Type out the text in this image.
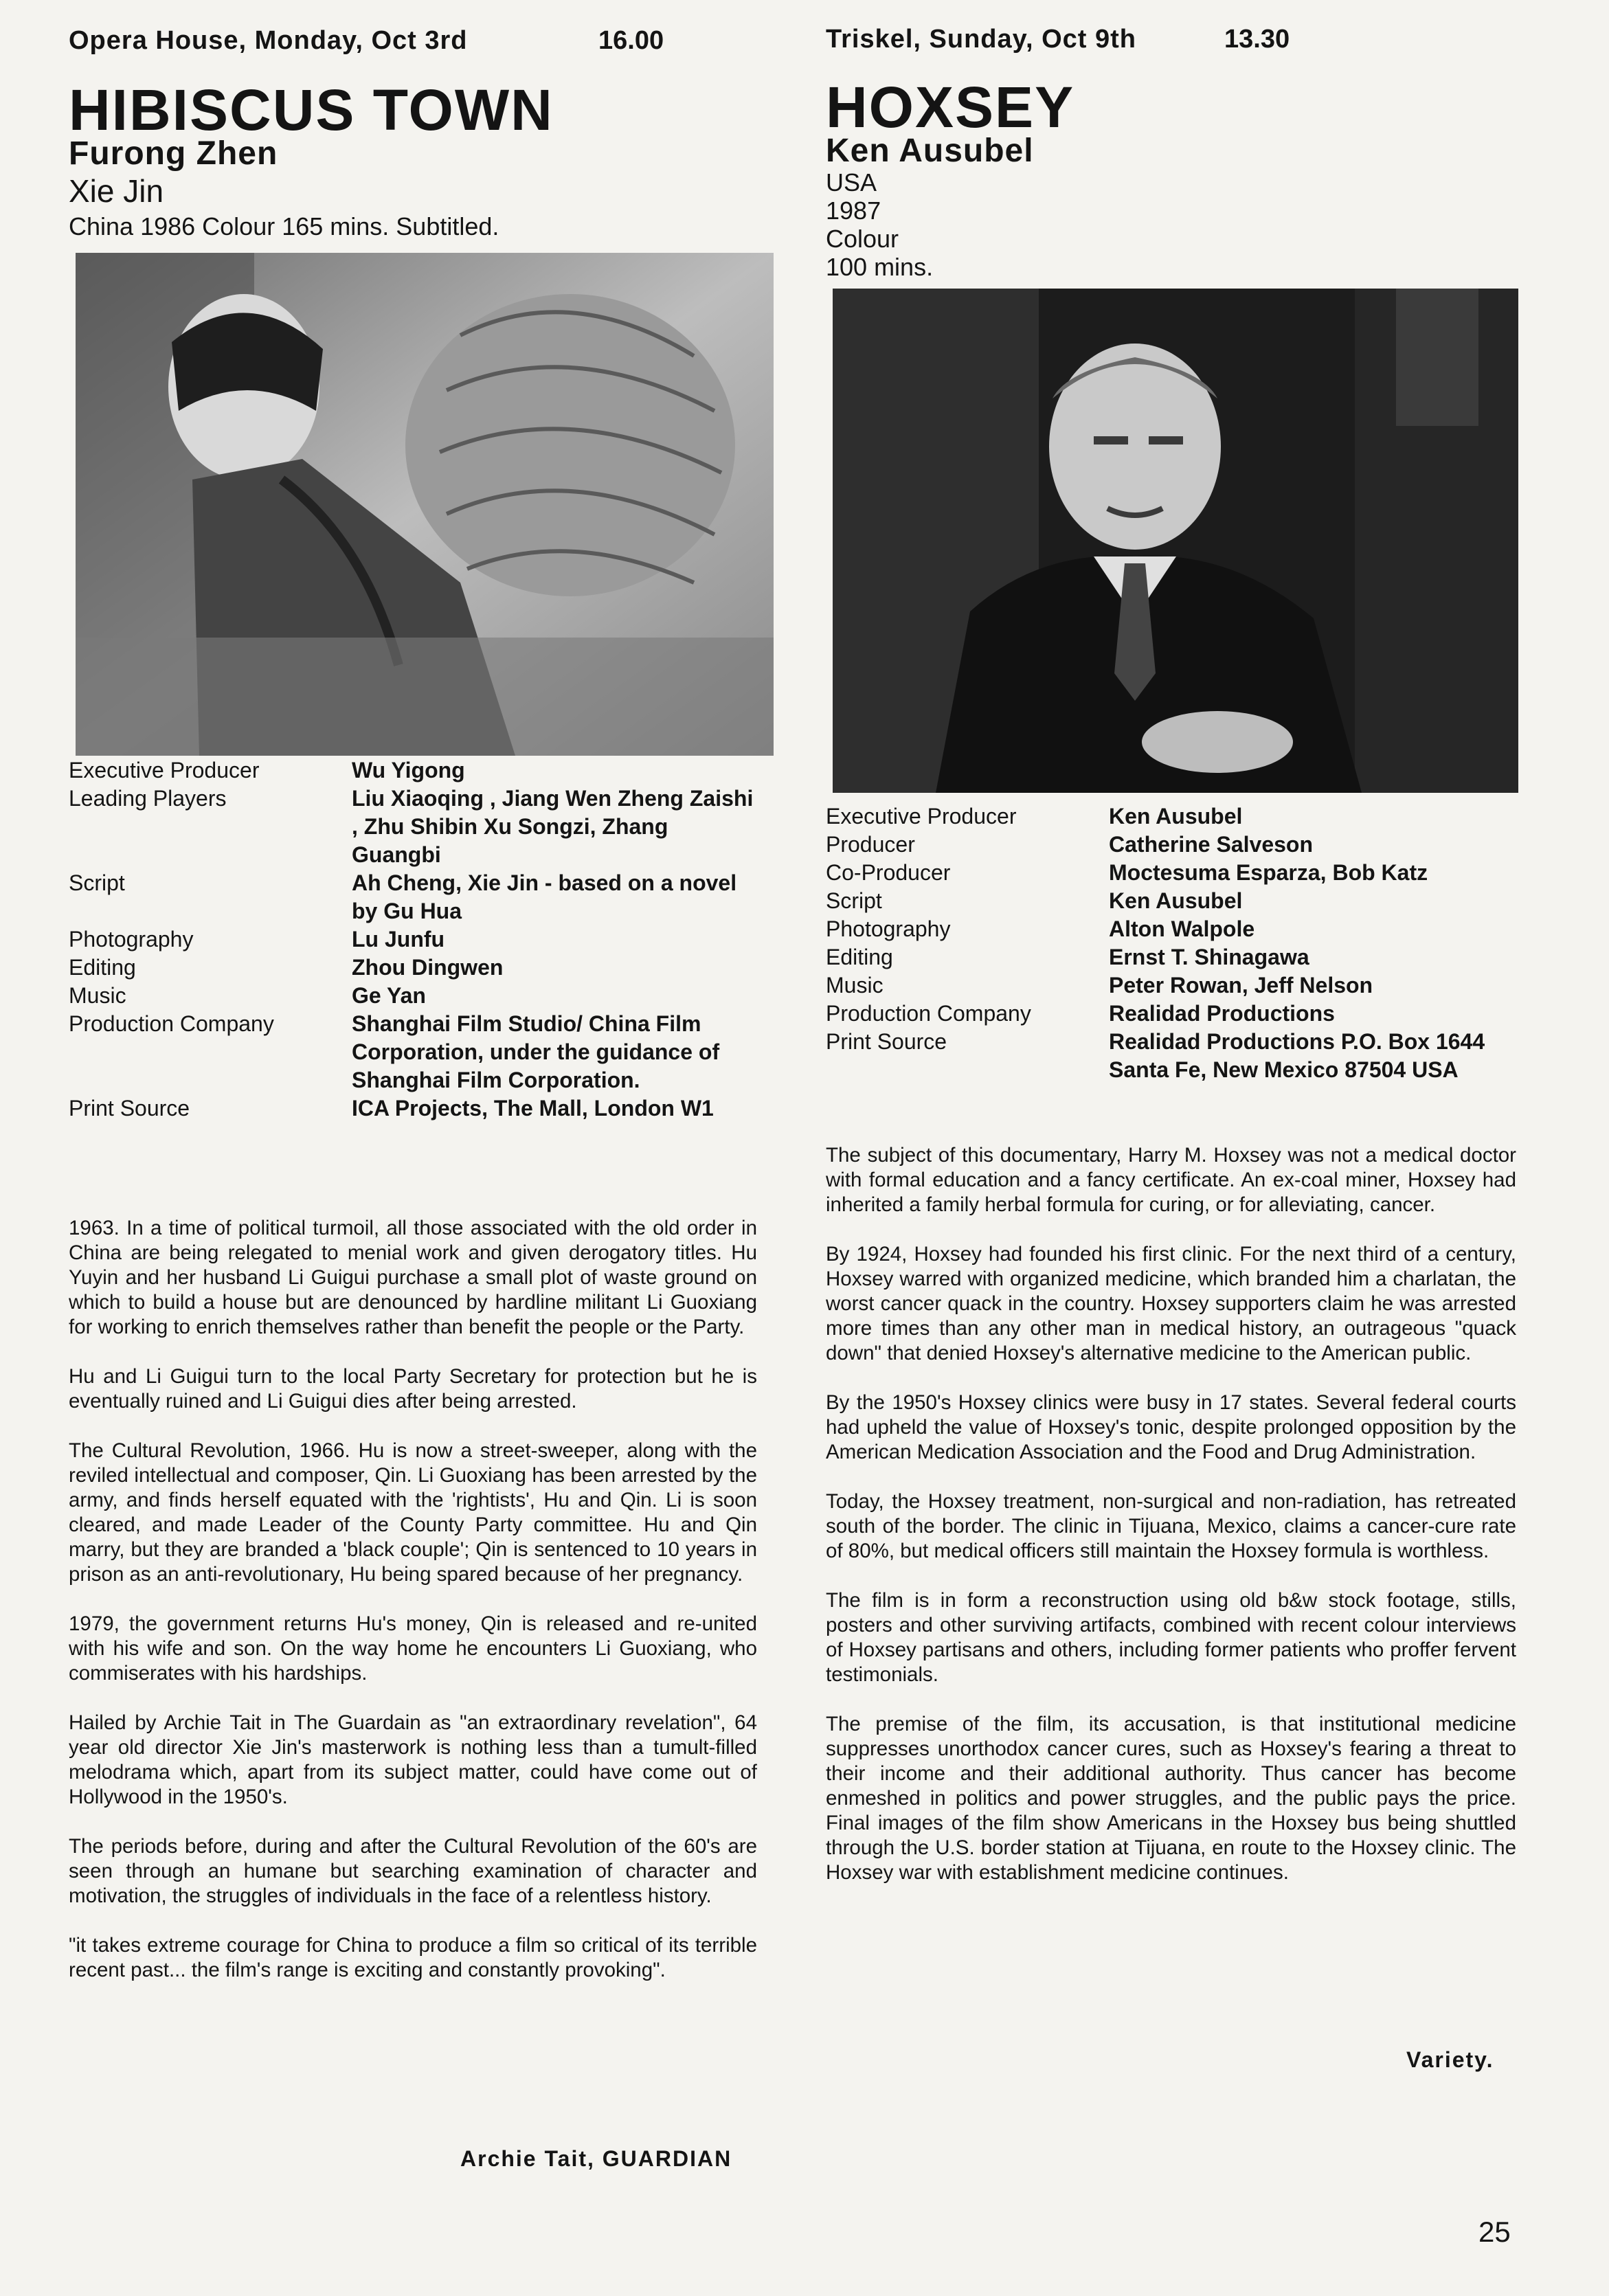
Opera House, Monday, Oct 3rd	16.00
HIBISCUS TOWN
Furong Zhen
Xie Jin
China 1986 Colour 165 mins. Subtitled.
Executive Producer	Wu Yigong
Leading Players	Liu Xiaoqing , Jiang Wen Zheng Zaishi , Zhu Shibin Xu Songzi, Zhang Guangbi
Script	Ah Cheng, Xie Jin - based on a novel by Gu Hua
Photography	Lu Junfu
Editing	Zhou Dingwen
Music	Ge Yan
Production Company	Shanghai Film Studio/ China Film Corporation, under the guidance of Shanghai Film Corporation.
Print Source	ICA Projects, The Mall, London W1

1963. In a time of political turmoil, all those associated with the old order in China are being relegated to menial work and given derogatory titles. Hu Yuyin and her husband Li Guigui purchase a small plot of waste ground on which to build a house but are denounced by hardline militant Li Guoxiang for working to enrich themselves rather than benefit the people or the Party.

Hu and Li Guigui turn to the local Party Secretary for protection but he is eventually ruined and Li Guigui dies after being arrested.

The Cultural Revolution, 1966. Hu is now a street-sweeper, along with the reviled intellectual and composer, Qin. Li Guoxiang has been arrested by the army, and finds herself equated with the 'rightists', Hu and Qin. Li is soon cleared, and made Leader of the County Party committee. Hu and Qin marry, but they are branded a 'black couple'; Qin is sentenced to 10 years in prison as an anti-revolutionary, Hu being spared because of her pregnancy.

1979, the government returns Hu's money, Qin is released and re-united with his wife and son. On the way home he encounters Li Guoxiang, who commiserates with his hardships.

Hailed by Archie Tait in The Guardain as "an extraordinary revelation", 64 year old director Xie Jin's masterwork is nothing less than a tumult-filled melodrama which, apart from its subject matter, could have come out of Hollywood in the 1950's.

The periods before, during and after the Cultural Revolution of the 60's are seen through an humane but searching examination of character and motivation, the struggles of individuals in the face of a relentless history.

"it takes extreme courage for China to produce a film so critical of its terrible recent past... the film's range is exciting and constantly provoking".

Archie Tait, GUARDIAN
Triskel, Sunday, Oct 9th	13.30
HOXSEY
Ken Ausubel
USA
1987
Colour
100 mins.
Executive Producer	Ken Ausubel
Producer	Catherine Salveson
Co-Producer	Moctesuma Esparza, Bob Katz
Script	Ken Ausubel
Photography	Alton Walpole
Editing	Ernst T. Shinagawa
Music	Peter Rowan, Jeff Nelson
Production Company	Realidad Productions
Print Source	Realidad Productions P.O. Box 1644 Santa Fe, New Mexico 87504 USA

The subject of this documentary, Harry M. Hoxsey was not a medical doctor with formal education and a fancy certificate. An ex-coal miner, Hoxsey had inherited a family herbal formula for curing, or for alleviating, cancer.

By 1924, Hoxsey had founded his first clinic. For the next third of a century, Hoxsey warred with organized medicine, which branded him a charlatan, the worst cancer quack in the country. Hoxsey supporters claim he was arrested more times than any other man in medical history, an outrageous "quack down" that denied Hoxsey's alternative medicine to the American public.

By the 1950's Hoxsey clinics were busy in 17 states. Several federal courts had upheld the value of Hoxsey's tonic, despite prolonged opposition by the American Medication Association and the Food and Drug Administration.

Today, the Hoxsey treatment, non-surgical and non-radiation, has retreated south of the border. The clinic in Tijuana, Mexico, claims a cancer-cure rate of 80%, but medical officers still maintain the Hoxsey formula is worthless.

The film is in form a reconstruction using old b&w stock footage, stills, posters and other surviving artifacts, combined with recent colour interviews of Hoxsey partisans and others, including former patients who proffer fervent testimonials.

The premise of the film, its accusation, is that institutional medicine suppresses unorthodox cancer cures, such as Hoxsey's fearing a threat to their income and their additional authority. Thus cancer has become enmeshed in politics and power struggles, and the public pays the price. Final images of the film show Americans in the Hoxsey bus being shuttled through the U.S. border station at Tijuana, en route to the Hoxsey clinic. The Hoxsey war with establishment medicine continues.

Variety.
25
